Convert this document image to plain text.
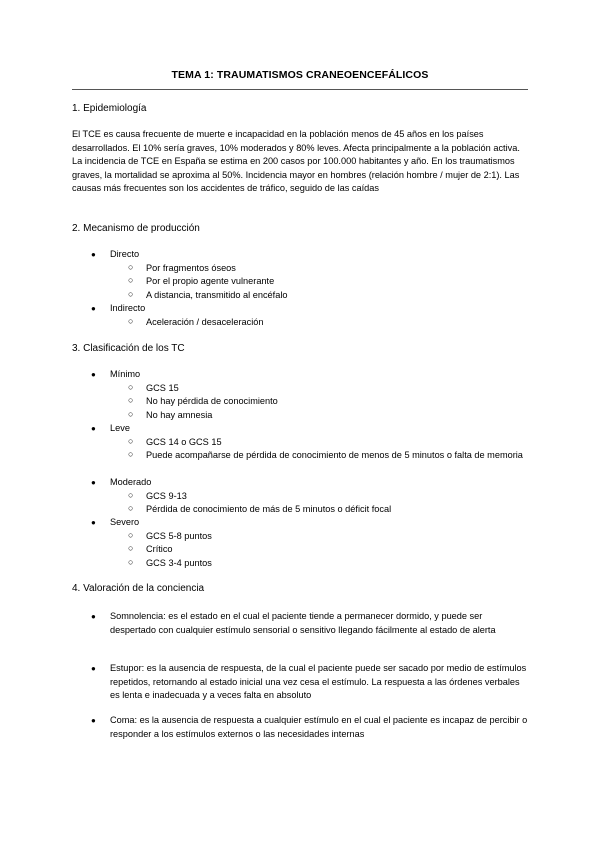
TEMA 1: TRAUMATISMOS CRANEOENCEFÁLICOS
1. Epidemiología
El TCE es causa frecuente de muerte e incapacidad en la población menos de 45 años en los países desarrollados. El 10% sería graves, 10% moderados y 80% leves. Afecta principalmente a la población activa. La incidencia de TCE en España se estima en 200 casos por 100.000 habitantes y año. En los traumatismos graves, la mortalidad se aproxima al 50%. Incidencia mayor en hombres (relación hombre / mujer de 2:1). Las causas más frecuentes son los accidentes de tráfico, seguido de las caídas
2. Mecanismo de producción
● Directo
○ Por fragmentos óseos
○ Por el propio agente vulnerante
○ A distancia, transmitido al encéfalo
● Indirecto
○ Aceleración / desaceleración
3. Clasificación de los TC
● Mínimo
○ GCS 15
○ No hay pérdida de conocimiento
○ No hay amnesia
● Leve
○ GCS 14 o GCS 15
○ Puede acompañarse de pérdida de conocimiento de menos de 5 minutos o falta de memoria
● Moderado
○ GCS 9-13
○ Pérdida de conocimiento de más de 5 minutos o déficit focal
● Severo
○ GCS 5-8 puntos
○ Crítico
○ GCS 3-4 puntos
4. Valoración de la conciencia
● Somnolencia: es el estado en el cual el paciente tiende a permanecer dormido, y puede ser despertado con cualquier estímulo sensorial o sensitivo llegando fácilmente al estado de alerta
● Estupor: es la ausencia de respuesta, de la cual el paciente puede ser sacado por medio de estímulos repetidos, retornando al estado inicial una vez cesa el estímulo. La respuesta a las órdenes verbales es lenta e inadecuada y a veces falta en absoluto
● Coma: es la ausencia de respuesta a cualquier estímulo en el cual el paciente es incapaz de percibir o responder a los estímulos externos o las necesidades internas
